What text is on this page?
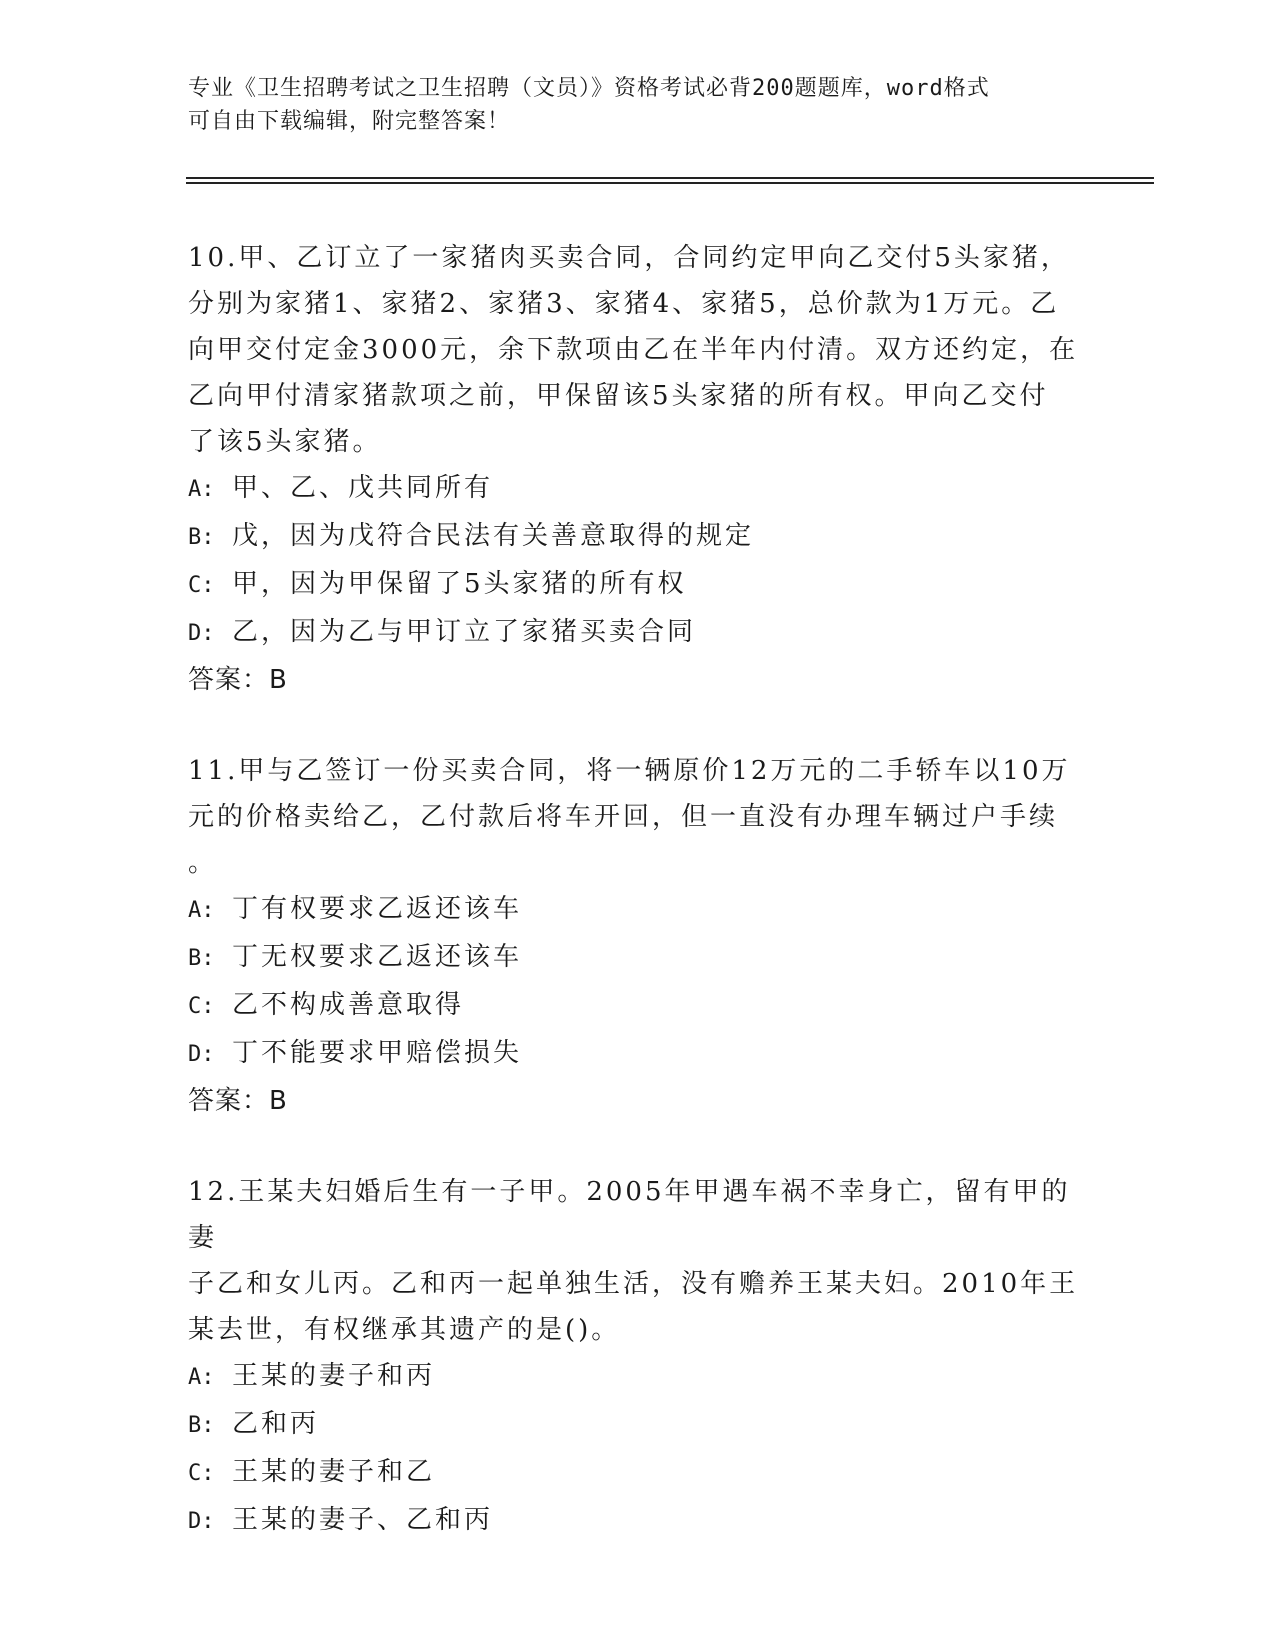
专业《卫生招聘考试之卫生招聘（文员）》资格考试必背200题题库，word格式
可自由下载编辑，附完整答案！

10.甲、乙订立了一家猪肉买卖合同，合同约定甲向乙交付5头家猪，

分别为家猪1、家猪2、家猪3、家猪4、家猪5，总价款为1万元。乙

向甲交付定金3000元，余下款项由乙在半年内付清。双方还约定，在

乙向甲付清家猪款项之前，甲保留该5头家猪的所有权。甲向乙交付

了该5头家猪。

A: 甲、乙、戊共同所有

B: 戊，因为戊符合民法有关善意取得的规定

C: 甲，因为甲保留了5头家猪的所有权

D: 乙，因为乙与甲订立了家猪买卖合同

答案：B

11.甲与乙签订一份买卖合同，将一辆原价12万元的二手轿车以10万

元的价格卖给乙，乙付款后将车开回，但一直没有办理车辆过户手续

。

A: 丁有权要求乙返还该车

B: 丁无权要求乙返还该车

C: 乙不构成善意取得

D: 丁不能要求甲赔偿损失

答案：B

12.王某夫妇婚后生有一子甲。2005年甲遇车祸不幸身亡，留有甲的妻

子乙和女儿丙。乙和丙一起单独生活，没有赡养王某夫妇。2010年王

某去世，有权继承其遗产的是()。

A: 王某的妻子和丙

B: 乙和丙

C: 王某的妻子和乙

D: 王某的妻子、乙和丙
